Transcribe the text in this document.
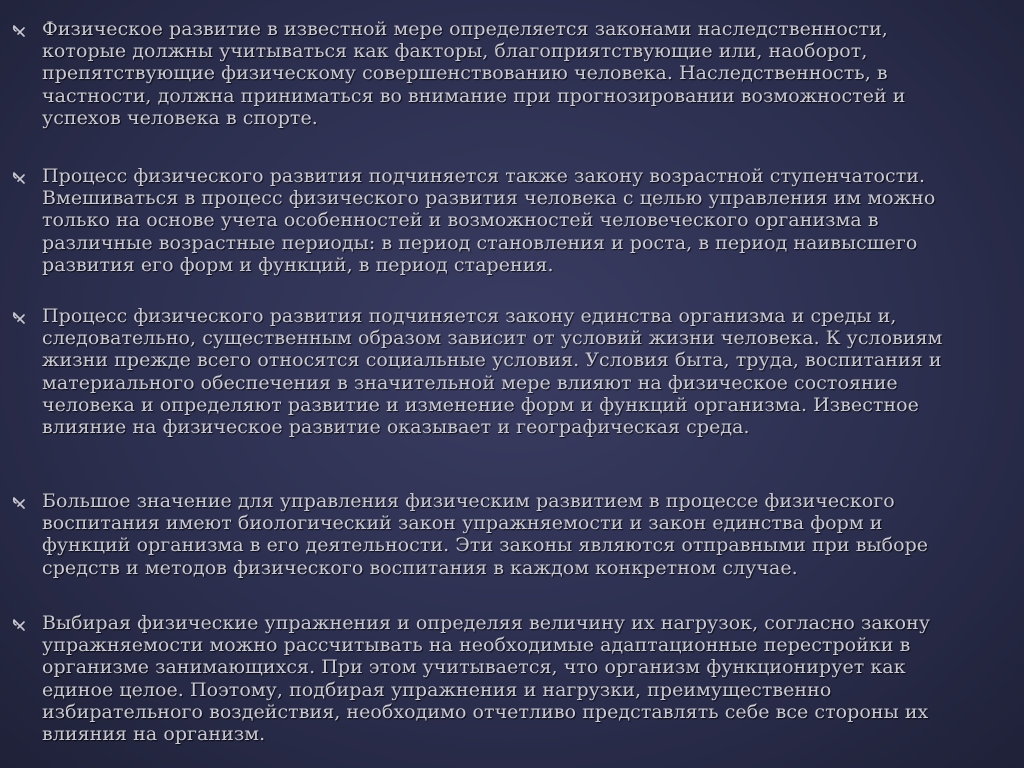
Физическое развитие в известной мере определяется законами наследственности, которые должны учитываться как факторы, благоприятствующие или, наоборот, препятствующие физическому совершенствованию человека. Наследственность, в частности, должна приниматься во внимание при прогнозировании возможностей и успехов человека в спорте.

Процесс физического развития подчиняется также закону возрастной ступенчатости. Вмешиваться в процесс физического развития человека с целью управления им можно только на основе учета особенностей и возможностей человеческого организма в различные возрастные периоды: в период становления и роста, в период наивысшего развития его форм и функций, в период старения.

Процесс физического развития подчиняется закону единства организма и среды и, следовательно, существенным образом зависит от условий жизни человека. К условиям жизни прежде всего относятся социальные условия. Условия быта, труда, воспитания и материального обеспечения в значительной мере влияют на физическое состояние человека и определяют развитие и изменение форм и функций организма. Известное влияние на физическое развитие оказывает и географическая среда.

Большое значение для управления физическим развитием в процессе физического воспитания имеют биологический закон упражняемости и закон единства форм и функций организма в его деятельности. Эти законы являются отправными при выборе средств и методов физического воспитания в каждом конкретном случае.

Выбирая физические упражнения и определяя величину их нагрузок, согласно закону упражняемости можно рассчитывать на необходимые адаптационные перестройки в организме занимающихся. При этом учитывается, что организм функционирует как единое целое. Поэтому, подбирая упражнения и нагрузки, преимущественно избирательного воздействия, необходимо отчетливо представлять себе все стороны их влияния на организм.
